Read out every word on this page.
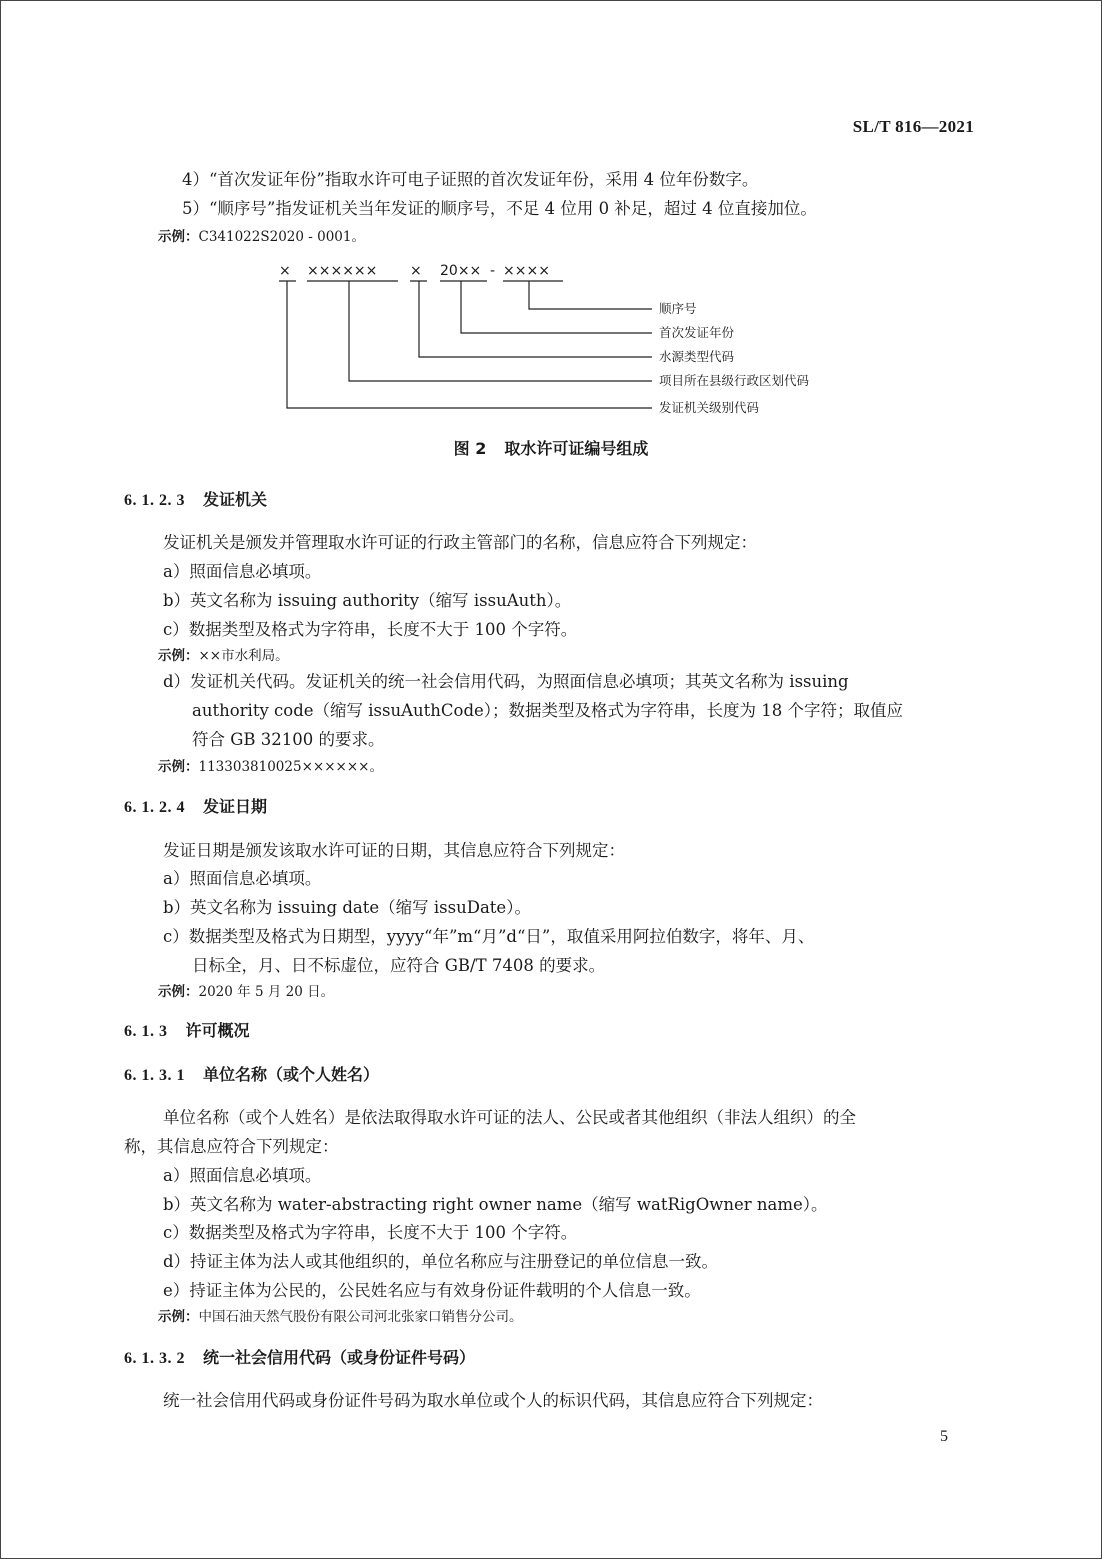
SL/T 816—2021
4）“首次发证年份”指取水许可电子证照的首次发证年份，采用 4 位年份数字。
5）“顺序号”指发证机关当年发证的顺序号，不足 4 位用 0 补足，超过 4 位直接加位。
示例：C341022S2020 - 0001。
× ×××××× × 20×× - ××××
顺序号
首次发证年份
水源类型代码
项目所在县级行政区划代码
发证机关级别代码
图 2 取水许可证编号组成
6. 1. 2. 3 发证机关
发证机关是颁发并管理取水许可证的行政主管部门的名称，信息应符合下列规定：
a）照面信息必填项。
b）英文名称为 issuing authority（缩写 issuAuth）。
c）数据类型及格式为字符串，长度不大于 100 个字符。
示例：××市水利局。
d）发证机关代码。发证机关的统一社会信用代码，为照面信息必填项；其英文名称为 issuing
authority code（缩写 issuAuthCode）；数据类型及格式为字符串，长度为 18 个字符；取值应
符合 GB 32100 的要求。
示例：113303810025××××××。
6. 1. 2. 4 发证日期
发证日期是颁发该取水许可证的日期，其信息应符合下列规定：
a）照面信息必填项。
b）英文名称为 issuing date（缩写 issuDate）。
c）数据类型及格式为日期型，yyyy“年”m“月”d“日”，取值采用阿拉伯数字，将年、月、
日标全，月、日不标虚位，应符合 GB/T 7408 的要求。
示例：2020 年 5 月 20 日。
6. 1. 3 许可概况
6. 1. 3. 1 单位名称（或个人姓名）
单位名称（或个人姓名）是依法取得取水许可证的法人、公民或者其他组织（非法人组织）的全
称，其信息应符合下列规定：
a）照面信息必填项。
b）英文名称为 water-abstracting right owner name（缩写 watRigOwner name）。
c）数据类型及格式为字符串，长度不大于 100 个字符。
d）持证主体为法人或其他组织的，单位名称应与注册登记的单位信息一致。
e）持证主体为公民的，公民姓名应与有效身份证件载明的个人信息一致。
示例：中国石油天然气股份有限公司河北张家口销售分公司。
6. 1. 3. 2 统一社会信用代码（或身份证件号码）
统一社会信用代码或身份证件号码为取水单位或个人的标识代码，其信息应符合下列规定：
5
